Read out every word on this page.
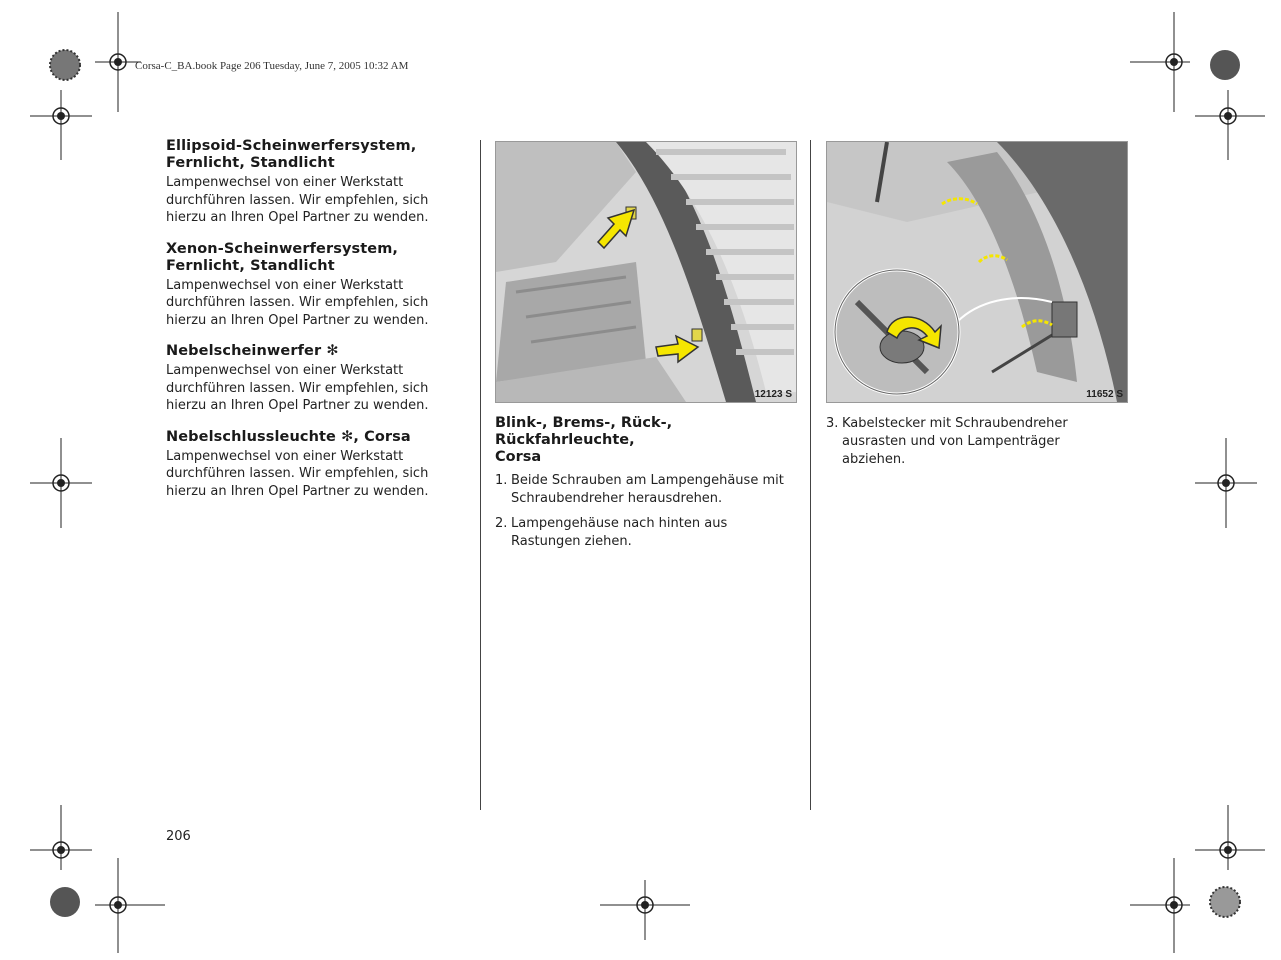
Corsa-C_BA.book Page 206 Tuesday, June 7, 2005 10:32 AM
Ellipsoid-Scheinwerfersystem, Fernlicht, Standlicht

Lampenwechsel von einer Werkstatt durchführen lassen. Wir empfehlen, sich hierzu an Ihren Opel Partner zu wenden.

Xenon-Scheinwerfersystem, Fernlicht, Standlicht

Lampenwechsel von einer Werkstatt durchführen lassen. Wir empfehlen, sich hierzu an Ihren Opel Partner zu wenden.

Nebelscheinwerfer ✻

Lampenwechsel von einer Werkstatt durchführen lassen. Wir empfehlen, sich hierzu an Ihren Opel Partner zu wenden.

Nebelschlussleuchte ✻, Corsa

Lampenwechsel von einer Werkstatt durchführen lassen. Wir empfehlen, sich hierzu an Ihren Opel Partner zu wenden.

12123 S
Blink-, Brems-, Rück-,
Rückfahrleuchte,
Corsa
1. Beide Schrauben am Lampengehäuse mit Schraubendreher herausdrehen.
2. Lampengehäuse nach hinten aus Rastungen ziehen.
11652 S
3. Kabelstecker mit Schraubendreher ausrasten und von Lampenträger abziehen.
206
